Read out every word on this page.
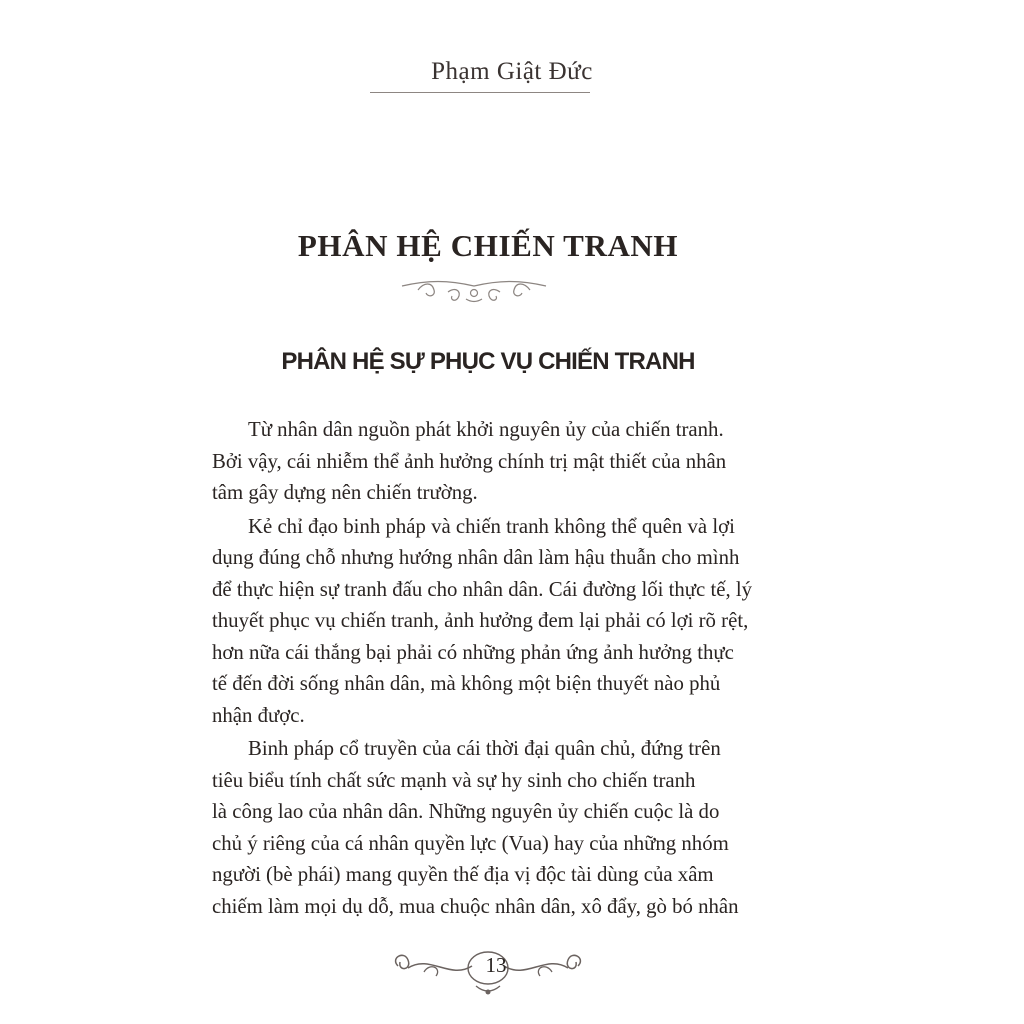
Phạm Giật Đức
PHÂN HỆ CHIẾN TRANH
PHÂN HỆ SỰ PHỤC VỤ CHIẾN TRANH

Từ nhân dân nguồn phát khởi nguyên ủy của chiến tranh.
Bởi vậy, cái nhiễm thể ảnh hưởng chính trị mật thiết của nhân
tâm gây dựng nên chiến trường.

Kẻ chỉ đạo binh pháp và chiến tranh không thể quên và lợi
dụng đúng chỗ nhưng hướng nhân dân làm hậu thuẫn cho mình
để thực hiện sự tranh đấu cho nhân dân. Cái đường lối thực tế, lý
thuyết phục vụ chiến tranh, ảnh hưởng đem lại phải có lợi rõ rệt,
hơn nữa cái thắng bại phải có những phản ứng ảnh hưởng thực
tế đến đời sống nhân dân, mà không một biện thuyết nào phủ
nhận được.

Binh pháp cổ truyền của cái thời đại quân chủ, đứng trên
tiêu biểu tính chất sức mạnh và sự hy sinh cho chiến tranh
là công lao của nhân dân. Những nguyên ủy chiến cuộc là do
chủ ý riêng của cá nhân quyền lực (Vua) hay của những nhóm
người (bè phái) mang quyền thế địa vị độc tài dùng của xâm
chiếm làm mọi dụ dỗ, mua chuộc nhân dân, xô đẩy, gò bó nhân

13
